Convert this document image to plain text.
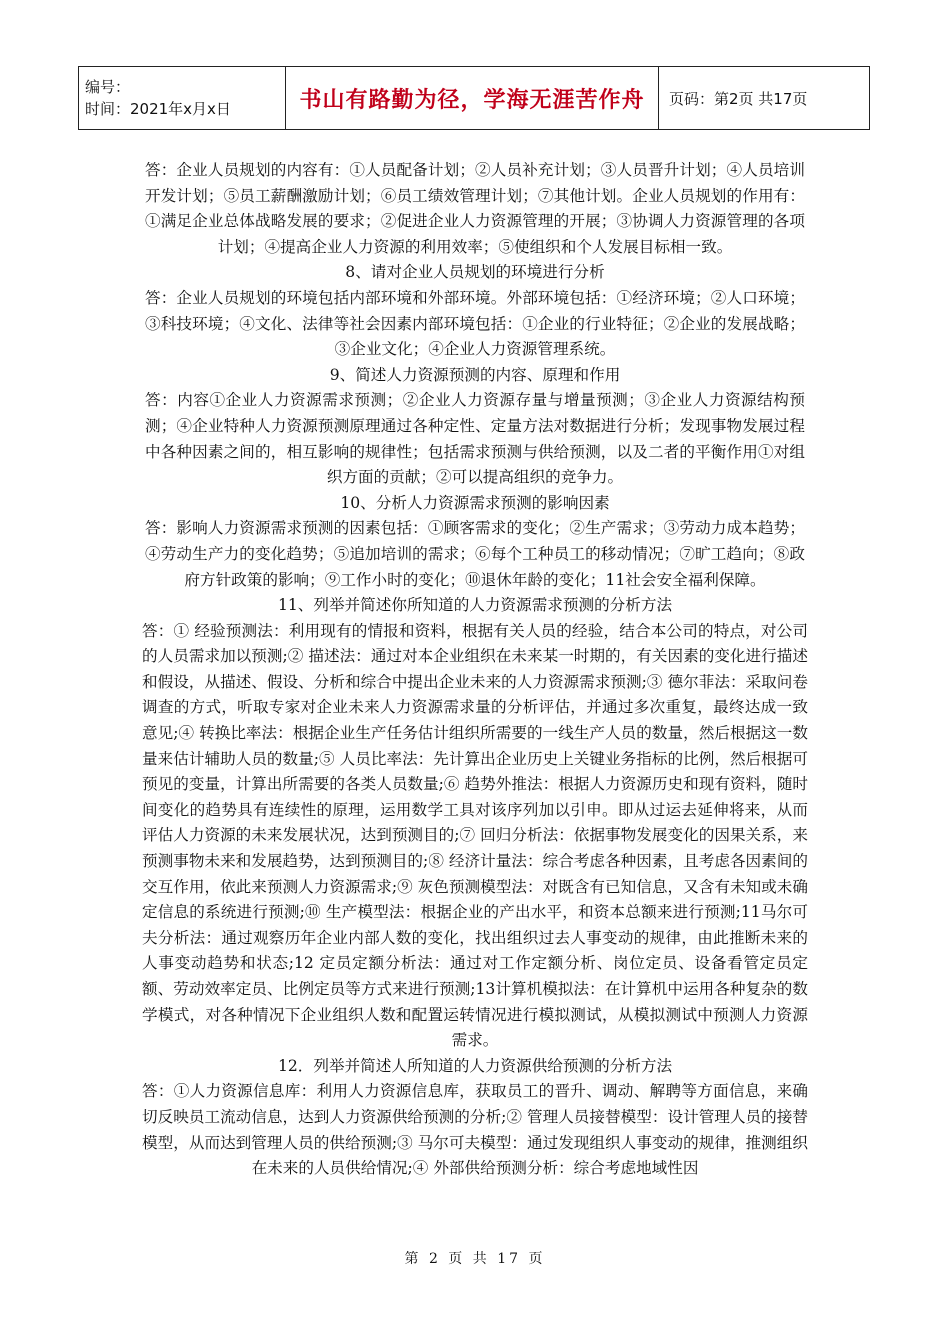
编号：
时间：2021年x月x日	书山有路勤为径，学海无涯苦作舟	页码：第2页 共17页

答：企业人员规划的内容有：①人员配备计划；②人员补充计划；③人员晋升计划；④人员培训开发计划；⑤员工薪酬激励计划；⑥员工绩效管理计划；⑦其他计划。企业人员规划的作用有：①满足企业总体战略发展的要求；②促进企业人力资源管理的开展；③协调人力资源管理的各项计划；④提高企业人力资源的利用效率；⑤使组织和个人发展目标相一致。

8、请对企业人员规划的环境进行分析

答：企业人员规划的环境包括内部环境和外部环境。外部环境包括：①经济环境；②人口环境；③科技环境；④文化、法律等社会因素内部环境包括：①企业的行业特征；②企业的发展战略；③企业文化；④企业人力资源管理系统。

9、简述人力资源预测的内容、原理和作用

答：内容①企业人力资源需求预测；②企业人力资源存量与增量预测；③企业人力资源结构预测；④企业特种人力资源预测原理通过各种定性、定量方法对数据进行分析；发现事物发展过程中各种因素之间的，相互影响的规律性；包括需求预测与供给预测，以及二者的平衡作用①对组织方面的贡献；②可以提高组织的竞争力。

10、分析人力资源需求预测的影响因素

答：影响人力资源需求预测的因素包括：①顾客需求的变化；②生产需求；③劳动力成本趋势；④劳动生产力的变化趋势；⑤追加培训的需求；⑥每个工种员工的移动情况；⑦旷工趋向；⑧政府方针政策的影响；⑨工作小时的变化；⑩退休年龄的变化；11社会安全福利保障。

11、列举并简述你所知道的人力资源需求预测的分析方法

答：① 经验预测法：利用现有的情报和资料，根据有关人员的经验，结合本公司的特点，对公司的人员需求加以预测;② 描述法：通过对本企业组织在未来某一时期的，有关因素的变化进行描述和假设，从描述、假设、分析和综合中提出企业未来的人力资源需求预测;③ 德尔菲法：采取问卷调查的方式，听取专家对企业未来人力资源需求量的分析评估，并通过多次重复，最终达成一致意见;④ 转换比率法：根据企业生产任务估计组织所需要的一线生产人员的数量，然后根据这一数量来估计辅助人员的数量;⑤ 人员比率法：先计算出企业历史上关键业务指标的比例，然后根据可预见的变量，计算出所需要的各类人员数量;⑥ 趋势外推法：根据人力资源历史和现有资料，随时间变化的趋势具有连续性的原理，运用数学工具对该序列加以引申。即从过运去延伸将来，从而评估人力资源的未来发展状况，达到预测目的;⑦ 回归分析法：依据事物发展变化的因果关系，来预测事物未来和发展趋势，达到预测目的;⑧ 经济计量法：综合考虑各种因素，且考虑各因素间的交互作用，依此来预测人力资源需求;⑨ 灰色预测模型法：对既含有已知信息，又含有未知或未确定信息的系统进行预测;⑩ 生产模型法：根据企业的产出水平，和资本总额来进行预测;11马尔可夫分析法：通过观察历年企业内部人数的变化，找出组织过去人事变动的规律，由此推断未来的人事变动趋势和状态;12 定员定额分析法：通过对工作定额分析、岗位定员、设备看管定员定额、劳动效率定员、比例定员等方式来进行预测;13计算机模拟法：在计算机中运用各种复杂的数学模式，对各种情况下企业组织人数和配置运转情况进行模拟测试，从模拟测试中预测人力资源需求。

12．列举并简述人所知道的人力资源供给预测的分析方法

答：①人力资源信息库：利用人力资源信息库，获取员工的晋升、调动、解聘等方面信息，来确切反映员工流动信息，达到人力资源供给预测的分析;② 管理人员接替模型：设计管理人员的接替模型，从而达到管理人员的供给预测;③ 马尔可夫模型：通过发现组织人事变动的规律，推测组织在未来的人员供给情况;④ 外部供给预测分析：综合考虑地域性因

第 2 页 共 17 页
